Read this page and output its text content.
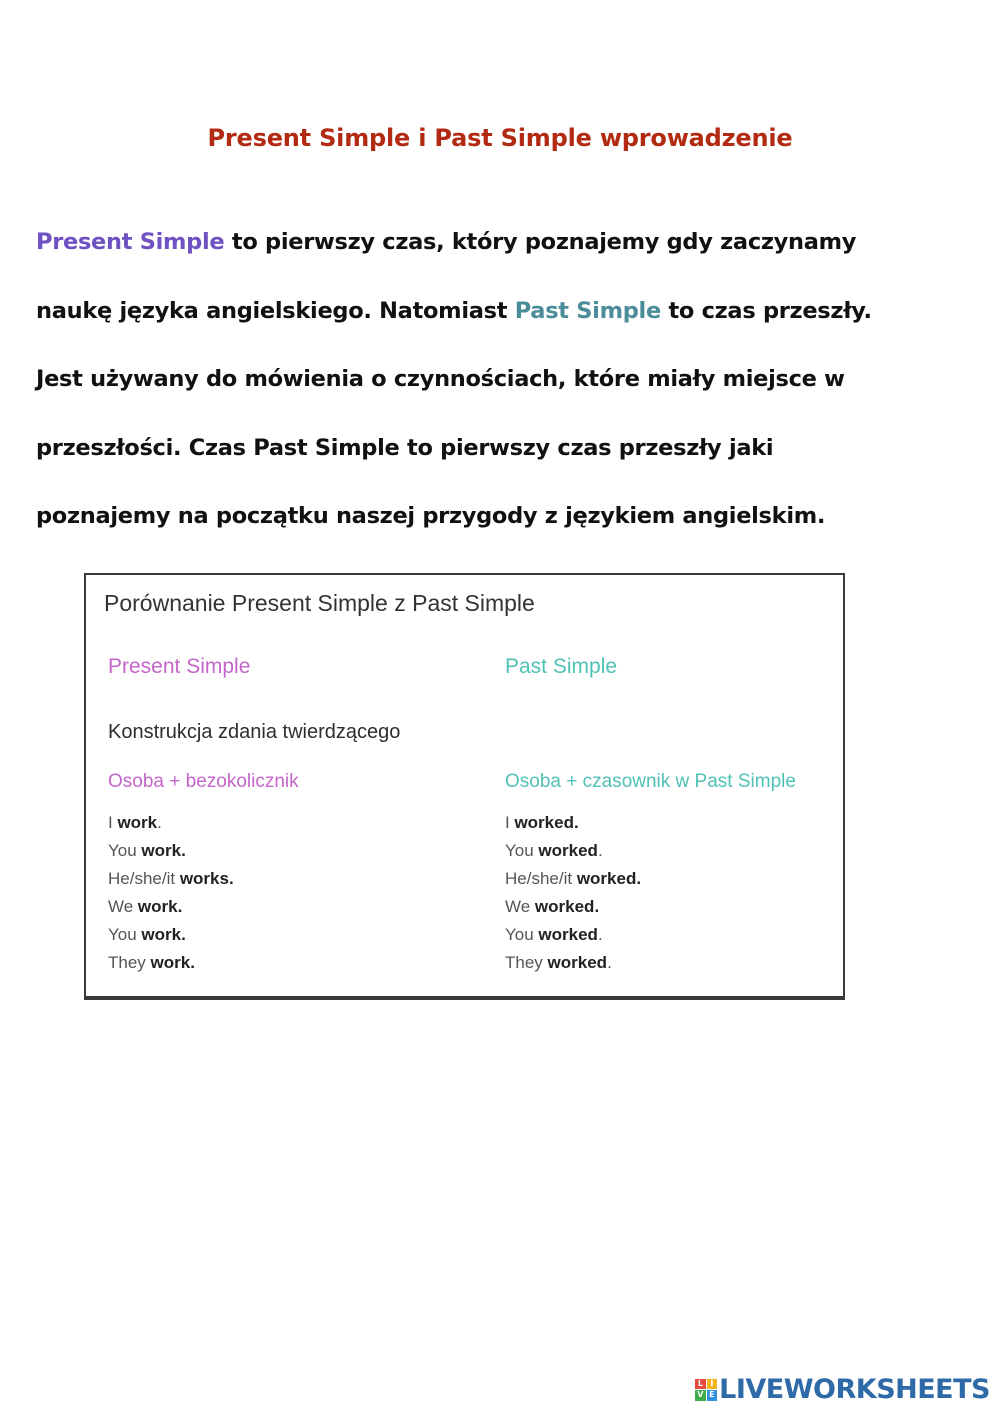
Present Simple i Past Simple wprowadzenie

Present Simple to pierwszy czas, który poznajemy gdy zaczynamy
naukę języka angielskiego. Natomiast Past Simple to czas przeszły.
Jest używany do mówienia o czynnościach, które miały miejsce w
przeszłości. Czas Past Simple to pierwszy czas przeszły jaki
poznajemy na początku naszej przygody z językiem angielskim.

Porównanie Present Simple z Past Simple
Present Simple	Past Simple
Konstrukcja zdania twierdzącego
Osoba + bezokolicznik	Osoba + czasownik w Past Simple
I work.
You work.
He/she/it works.
We work.
You work.
They work.
I worked.
You worked.
He/she/it worked.
We worked.
You worked.
They worked.
L I
V E LIVEWORKSHEETS
